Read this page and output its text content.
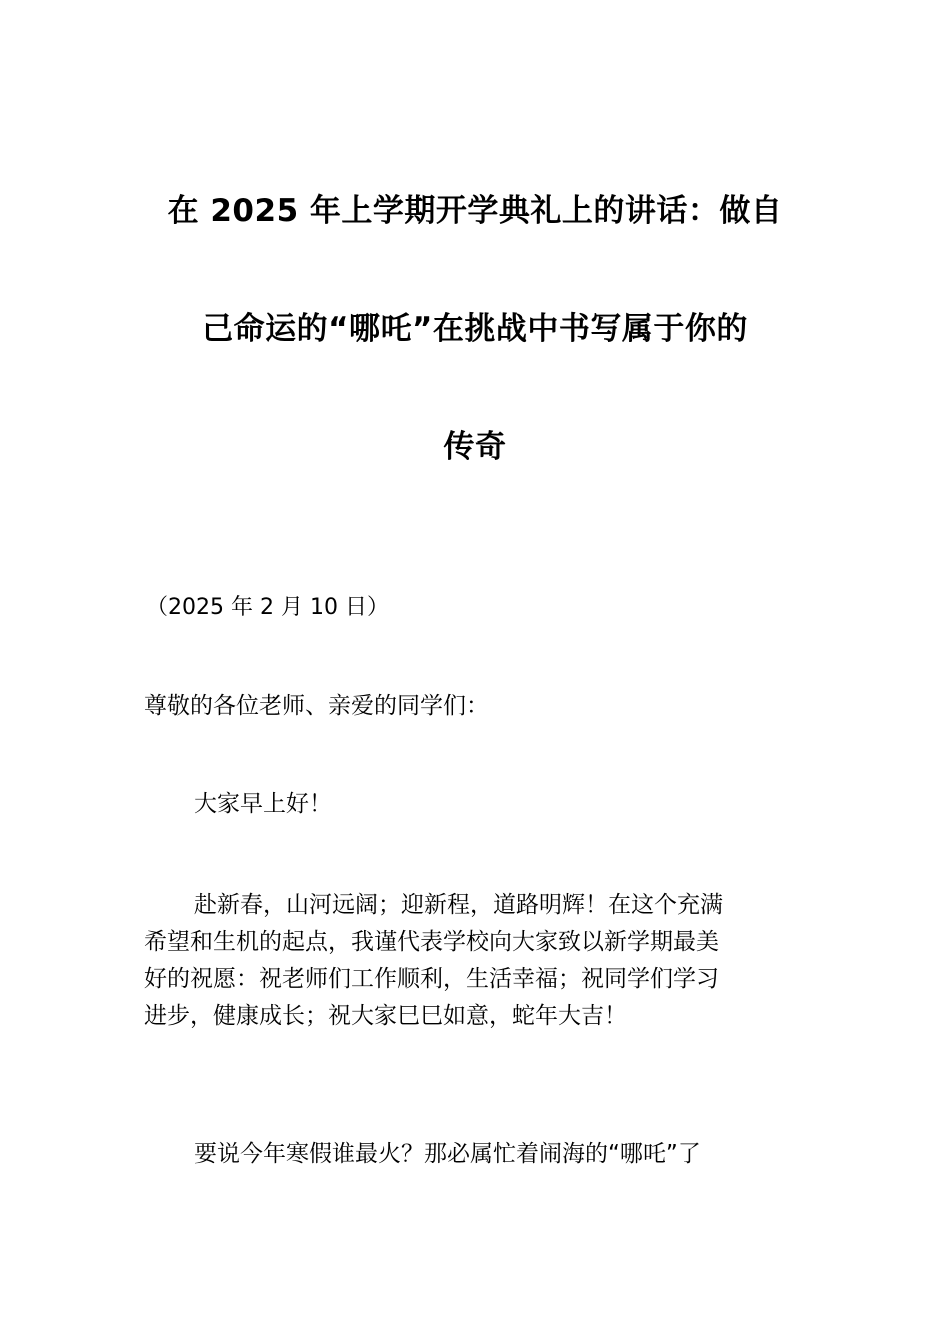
在 2025 年上学期开学典礼上的讲话：做自
己命运的“哪吒”在挑战中书写属于你的
传奇
（2025 年 2 月 10 日）
尊敬的各位老师、亲爱的同学们：
大家早上好！
赴新春，山河远阔；迎新程，道路明辉！在这个充满
希望和生机的起点，我谨代表学校向大家致以新学期最美
好的祝愿：祝老师们工作顺利，生活幸福；祝同学们学习
进步，健康成长；祝大家巳巳如意，蛇年大吉！
要说今年寒假谁最火？那必属忙着闹海的“哪吒”了
